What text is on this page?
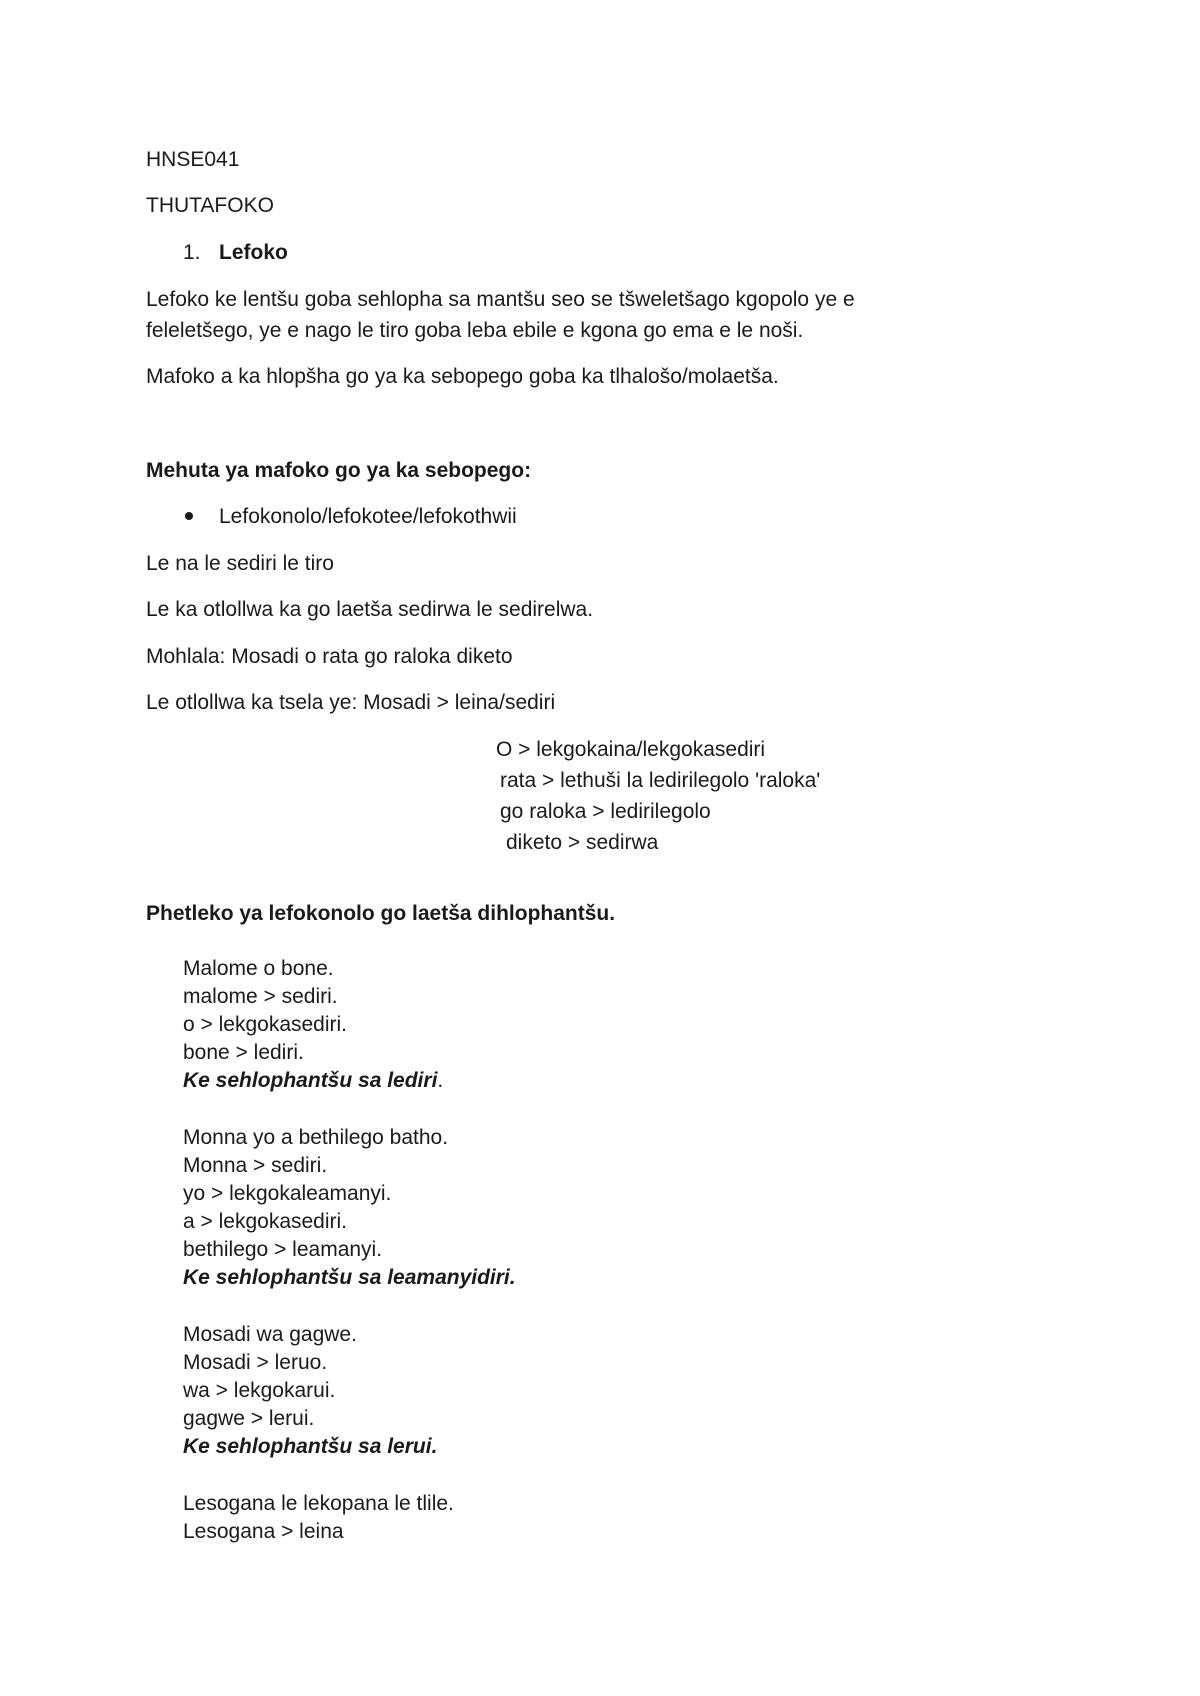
HNSE041
THUTAFOKO
1. Lefoko
Lefoko ke lentšu goba sehlopha sa mantšu seo se tšweletšago kgopolo ye e
feleletšego, ye e nago le tiro goba leba ebile e kgona go ema e le noši.
Mafoko a ka hlopšha go ya ka sebopego goba ka tlhalošo/molaetša.
Mehuta ya mafoko go ya ka sebopego:
Lefokonolo/lefokotee/lefokothwii
Le na le sediri le tiro
Le ka otlollwa ka go laetša sedirwa le sedirelwa.
Mohlala: Mosadi o rata go raloka diketo
Le otlollwa ka tsela ye: Mosadi > leina/sediri
O > lekgokaina/lekgokasediri
rata > lethuši la ledirilegolo 'raloka'
go raloka > ledirilegolo
diketo > sedirwa
Phetleko ya lefokonolo go laetša dihlophantšu.
Malome o bone.
malome > sediri.
o > lekgokasediri.
bone > lediri.
Ke sehlophantšu sa lediri.
Monna yo a bethilego batho.
Monna > sediri.
yo > lekgokaleamanyi.
a > lekgokasediri.
bethilego > leamanyi.
Ke sehlophantšu sa leamanyidiri.
Mosadi wa gagwe.
Mosadi > leruo.
wa > lekgokarui.
gagwe > lerui.
Ke sehlophantšu sa lerui.
Lesogana le lekopana le tlile.
Lesogana > leina
